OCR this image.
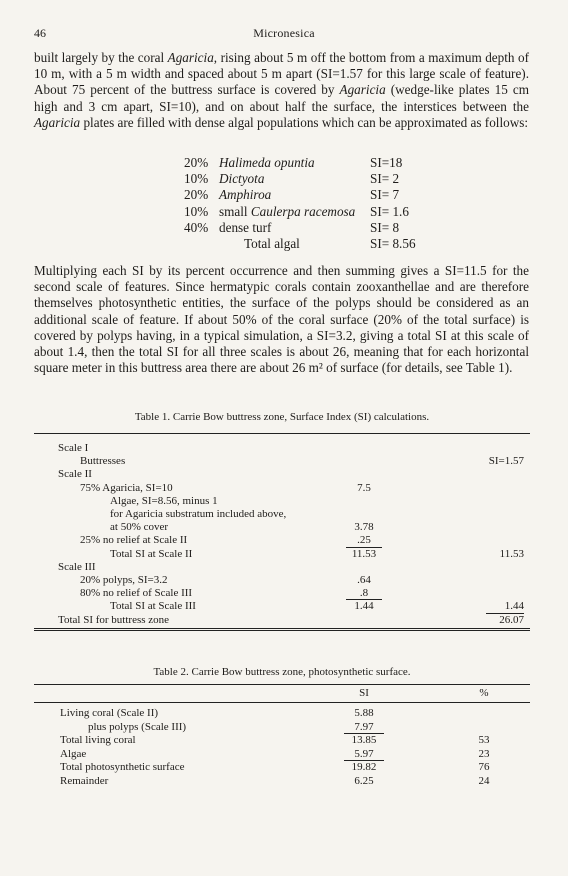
46	Micronesica
built largely by the coral Agaricia, rising about 5 m off the bottom from a maximum depth of 10 m, with a 5 m width and spaced about 5 m apart (SI=1.57 for this large scale of feature). About 75 percent of the buttress surface is covered by Agaricia (wedge-like plates 15 cm high and 3 cm apart, SI=10), and on about half the surface, the interstices between the Agaricia plates are filled with dense algal populations which can be approximated as follows:
20% Halimeda opuntia	SI=18
10% Dictyota	SI= 2
20% Amphiroa	SI= 7
10% small Caulerpa racemosa SI= 1.6
40% dense turf	SI= 8
Total algal	SI= 8.56
Multiplying each SI by its percent occurrence and then summing gives a SI=11.5 for the second scale of features. Since hermatypic corals contain zooxanthellae and are therefore themselves photosynthetic entities, the surface of the polyps should be considered as an additional scale of feature. If about 50% of the coral surface (20% of the total surface) is covered by polyps having, in a typical simulation, a SI=3.2, giving a total SI at this scale of about 1.4, then the total SI for all three scales is about 26, meaning that for each horizontal square meter in this buttress area there are about 26 m² of surface (for details, see Table 1).
Table 1. Carrie Bow buttress zone, Surface Index (SI) calculations.
Scale I
Buttresses	SI=1.57
Scale II
75% Agaricia, SI=10	7.5
Algae, SI=8.56, minus 1
for Agaricia substratum included above,
at 50% cover	3.78
25% no relief at Scale II	.25
Total SI at Scale II	11.53	11.53
Scale III
20% polyps, SI=3.2	.64
80% no relief of Scale III	.8
Total SI at Scale III	1.44	1.44
Total SI for buttress zone	26.07
Table 2. Carrie Bow buttress zone, photosynthetic surface.
SI	%
Living coral (Scale II)	5.88
plus polyps (Scale III)	7.97
Total living coral	13.85	53
Algae	5.97	23
Total photosynthetic surface	19.82	76
Remainder	6.25	24
